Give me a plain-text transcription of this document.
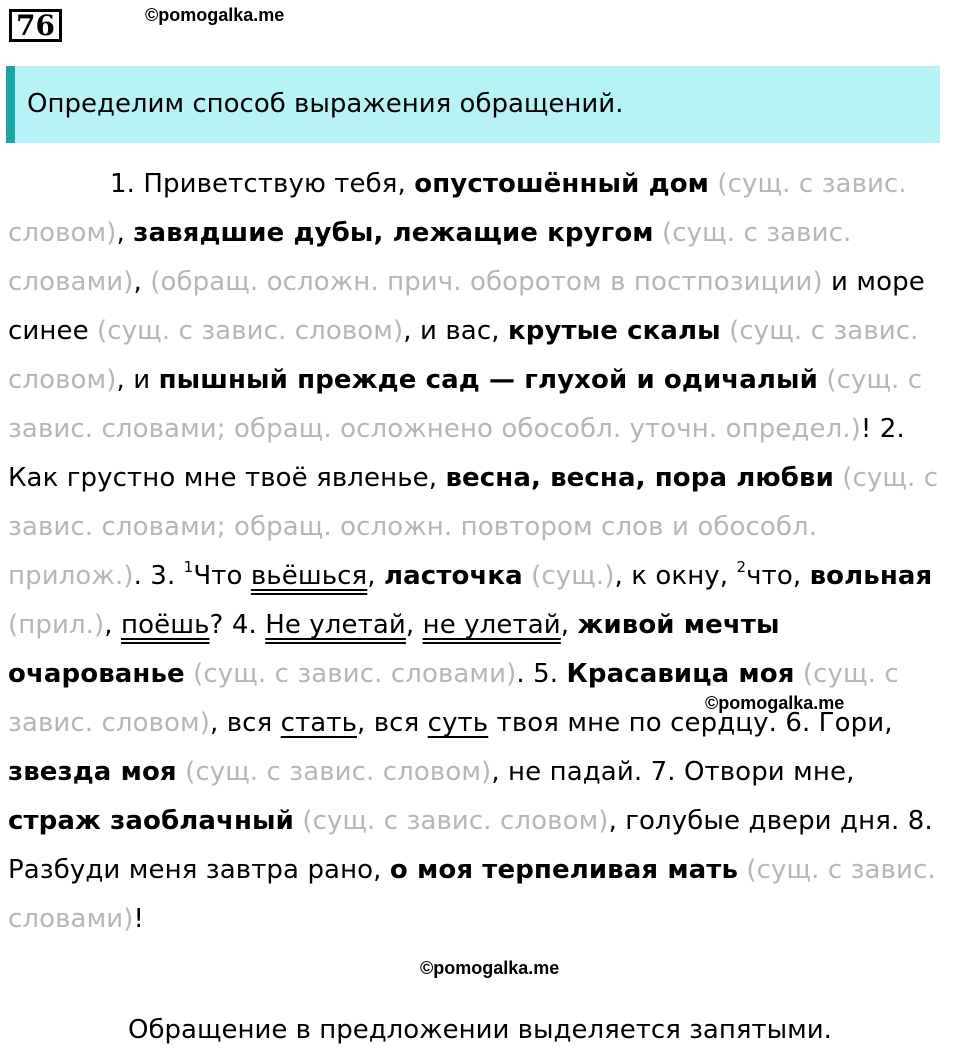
76	©pomogalka.me
Определим способ выражения обращений.

1. Приветствую тебя, опустошённый дом (сущ. с завис. словом), завядшие дубы, лежащие кругом (сущ. с завис. словами), (обращ. осложн. прич. оборотом в постпозиции) и море синее (сущ. с завис. словом), и вас, крутые скалы (сущ. с завис. словом), и пышный прежде сад — глухой и одичалый (сущ. с завис. словами; обращ. осложнено обособл. уточн. определ.)! 2. Как грустно мне твоё явленье, весна, весна, пора любви (сущ. с завис. словами; обращ. осложн. повтором слов и обособл. прилож.). 3. $^1$Что вьёшься, ласточка (сущ.), к окну, $^2$что, вольная (прил.), поёшь? 4. Не улетай, не улетай, живой мечты очарованье (сущ. с завис. словами). 5. Красавица моя (сущ. с завис. словом), вся стать, вся суть твоя мне по сердцу. 6. Гори, звезда моя (сущ. с завис. словом), не падай. 7. Отвори мне, страж заоблачный (сущ. с завис. словом), голубые двери дня. 8. Разбуди меня завтра рано, о моя терпеливая мать (сущ. с завис. словами)!

©pomogalka.me
©pomogalka.me
Обращение в предложении выделяется запятыми.
